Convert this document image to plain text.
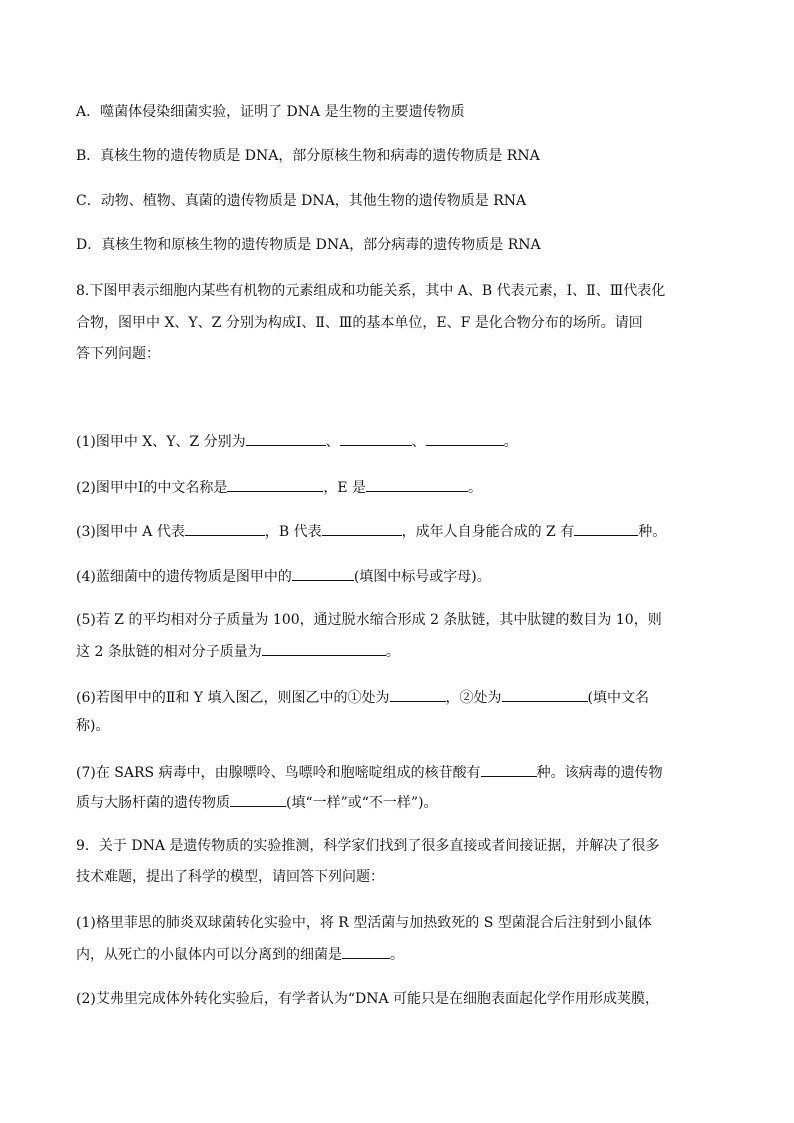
A．噬菌体侵染细菌实验，证明了 DNA 是生物的主要遗传物质
B．真核生物的遗传物质是 DNA，部分原核生物和病毒的遗传物质是 RNA
C．动物、植物、真菌的遗传物质是 DNA，其他生物的遗传物质是 RNA
D．真核生物和原核生物的遗传物质是 DNA，部分病毒的遗传物质是 RNA
8.下图甲表示细胞内某些有机物的元素组成和功能关系，其中 A、B 代表元素，Ⅰ、Ⅱ、Ⅲ代表化
合物，图甲中 X、Y、Z 分别为构成Ⅰ、Ⅱ、Ⅲ的基本单位，E、F 是化合物分布的场所。请回
答下列问题：
(1)图甲中 X、Y、Z 分别为	、	、	。
(2)图甲中Ⅰ的中文名称是	，E 是	。
(3)图甲中 A 代表	，B 代表	，成年人自身能合成的 Z 有	种。
(4)蓝细菌中的遗传物质是图甲中的	(填图中标号或字母)。
(5)若 Z 的平均相对分子质量为 100，通过脱水缩合形成 2 条肽链，其中肽键的数目为 10，则
这 2 条肽链的相对分子质量为	。
(6)若图甲中的Ⅱ和 Y 填入图乙，则图乙中的①处为	，②处为	(填中文名
称)。
(7)在 SARS 病毒中，由腺嘌呤、鸟嘌呤和胞嘧啶组成的核苷酸有	种。该病毒的遗传物
质与大肠杆菌的遗传物质	(填“一样”或“不一样”)。
9．关于 DNA 是遗传物质的实验推测，科学家们找到了很多直接或者间接证据，并解决了很多
技术难题，提出了科学的模型，请回答下列问题：
(1)格里菲思的肺炎双球菌转化实验中，将 R 型活菌与加热致死的 S 型菌混合后注射到小鼠体
内，从死亡的小鼠体内可以分离到的细菌是	。
(2)艾弗里完成体外转化实验后，有学者认为“DNA 可能只是在细胞表面起化学作用形成荚膜，
